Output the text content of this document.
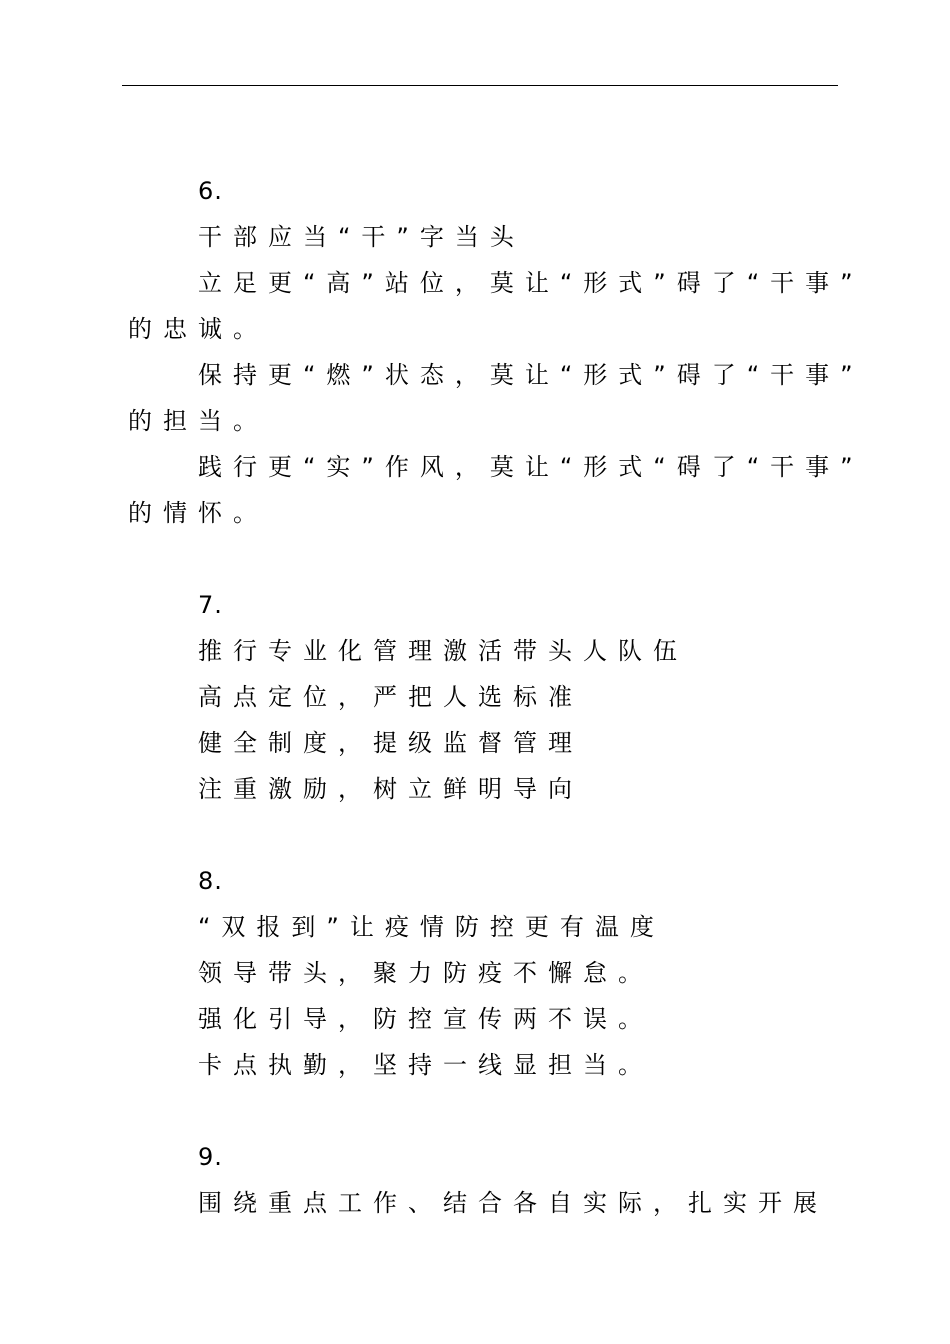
6.
干部应当“干”字当头
立足更“高”站位，莫让“形式”碍了“干事”
的忠诚。
保持更“燃”状态，莫让“形式”碍了“干事”
的担当。
践行更“实”作风，莫让“形式“碍了“干事”
的情怀。
7.
推行专业化管理激活带头人队伍
高点定位，严把人选标准
健全制度，提级监督管理
注重激励，树立鲜明导向
8.
“双报到”让疫情防控更有温度
领导带头，聚力防疫不懈怠。
强化引导，防控宣传两不误。
卡点执勤，坚持一线显担当。
9.
围绕重点工作、结合各自实际，扎实开展
